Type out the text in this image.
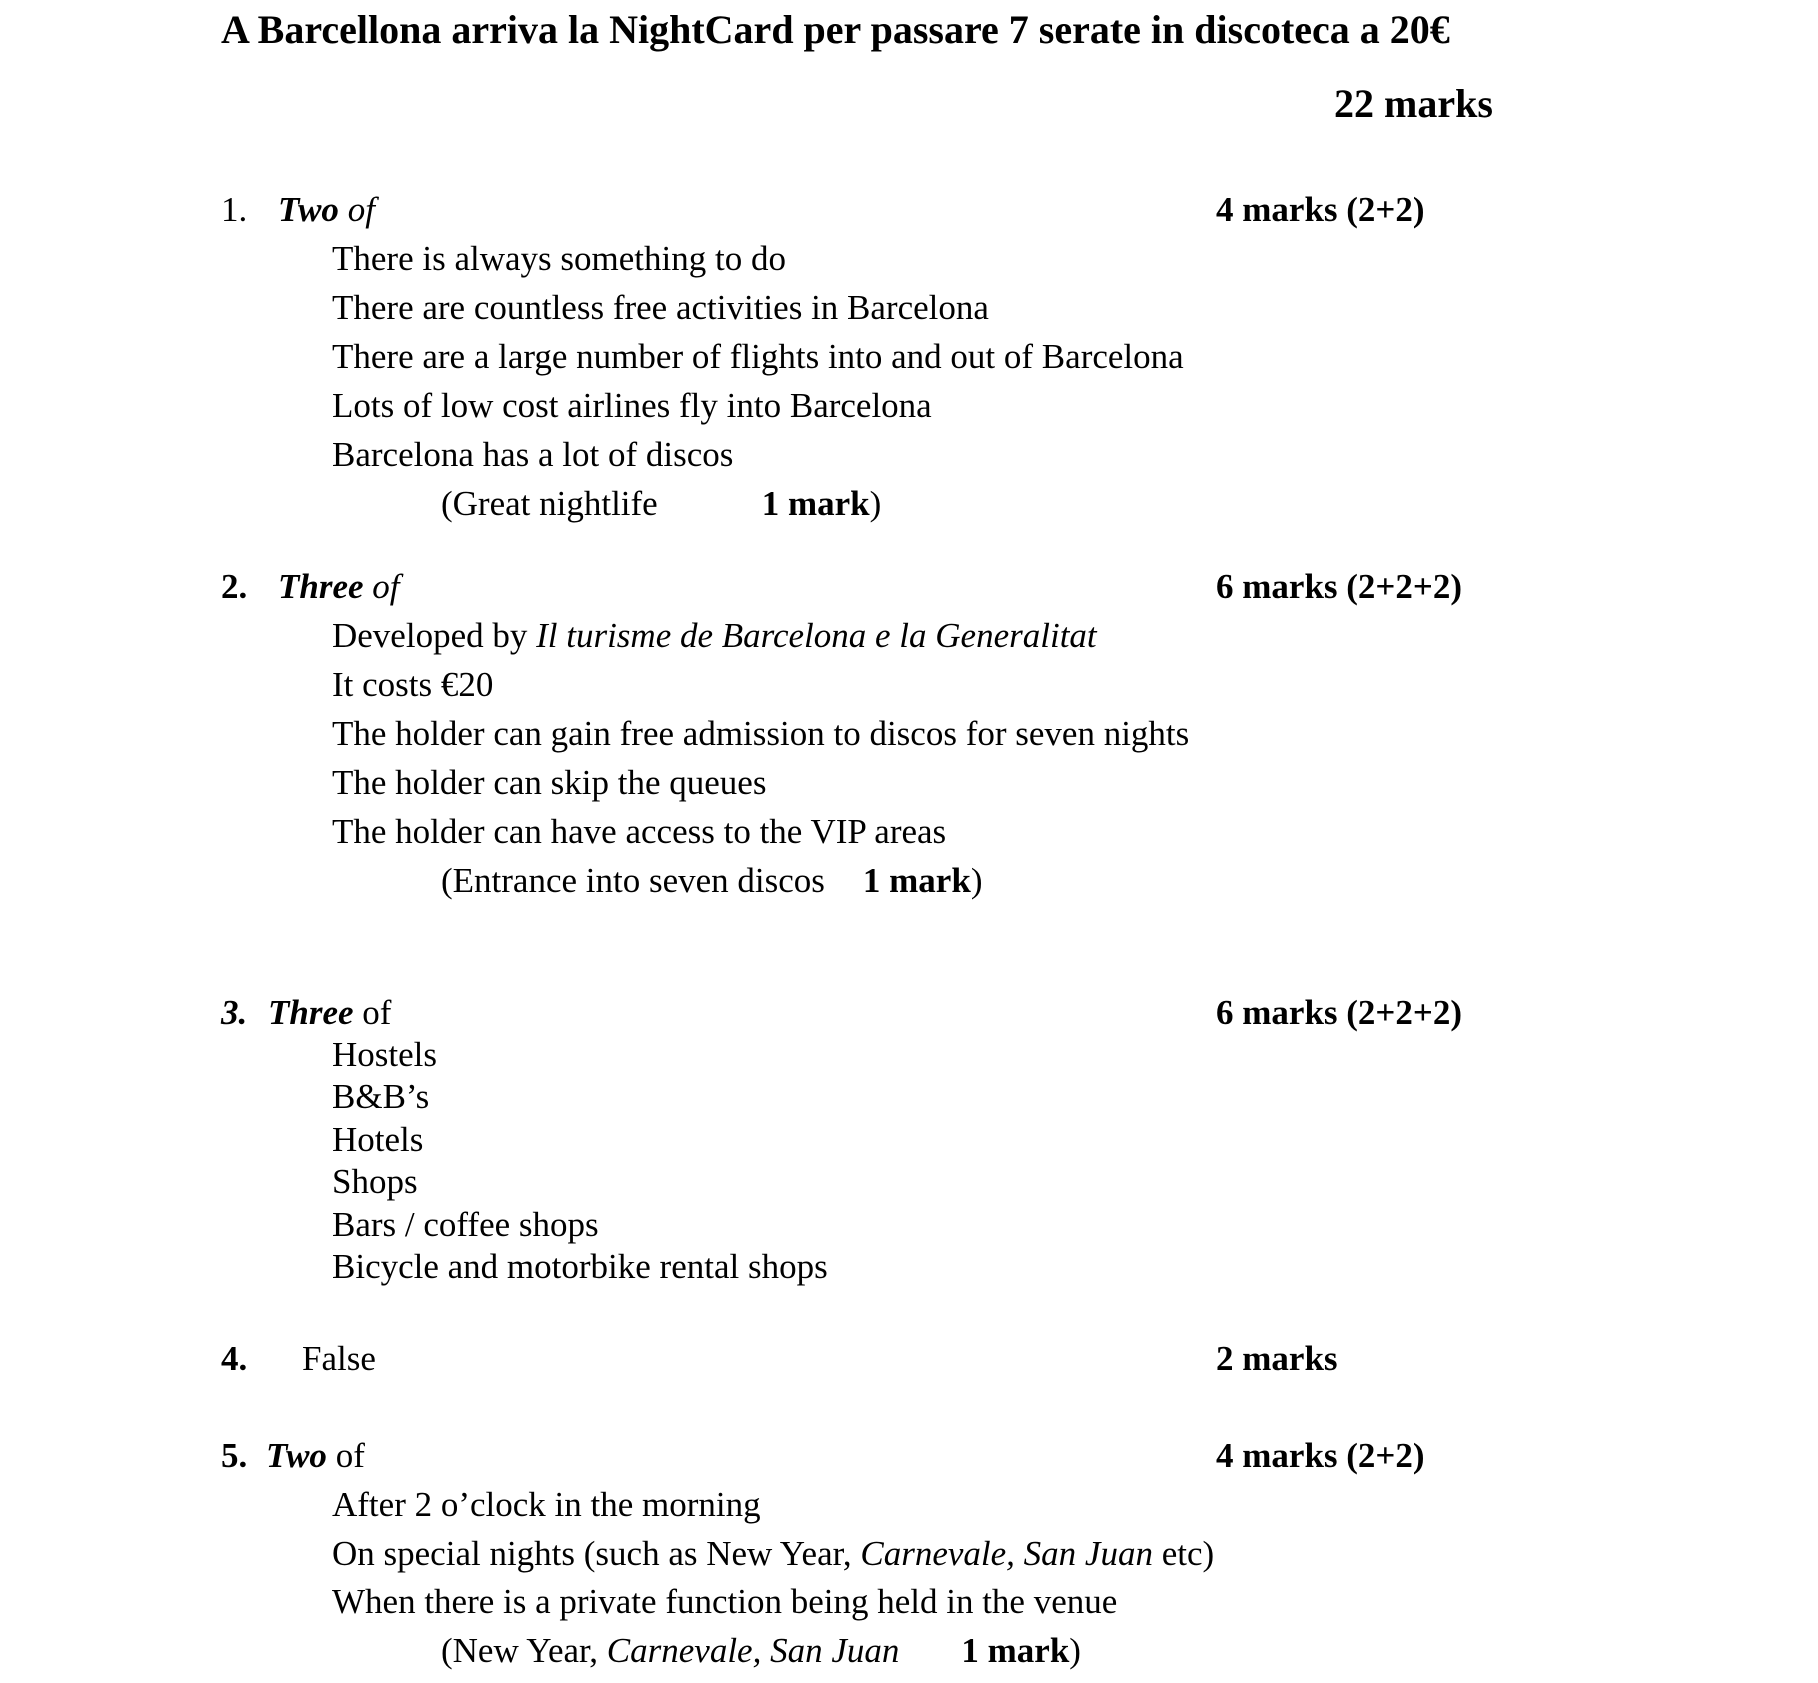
A Barcellona arriva la NightCard per passare 7 serate in discoteca a 20€
22 marks
1. Two of	4 marks (2+2)
There is always something to do
There are countless free activities in Barcelona
There are a large number of flights into and out of Barcelona
Lots of low cost airlines fly into Barcelona
Barcelona has a lot of discos
(Great nightlife	1 mark)
2. Three of	6 marks (2+2+2)
Developed by Il turisme de Barcelona e la Generalitat
It costs €20
The holder can gain free admission to discos for seven nights
The holder can skip the queues
The holder can have access to the VIP areas
(Entrance into seven discos 1 mark)
3. Three of	6 marks (2+2+2)
Hostels
B&B’s
Hotels
Shops
Bars / coffee shops
Bicycle and motorbike rental shops
4. False	2 marks
5. Two of	4 marks (2+2)
After 2 o’clock in the morning
On special nights (such as New Year, Carnevale, San Juan etc)
When there is a private function being held in the venue
(New Year, Carnevale, San Juan 1 mark)
